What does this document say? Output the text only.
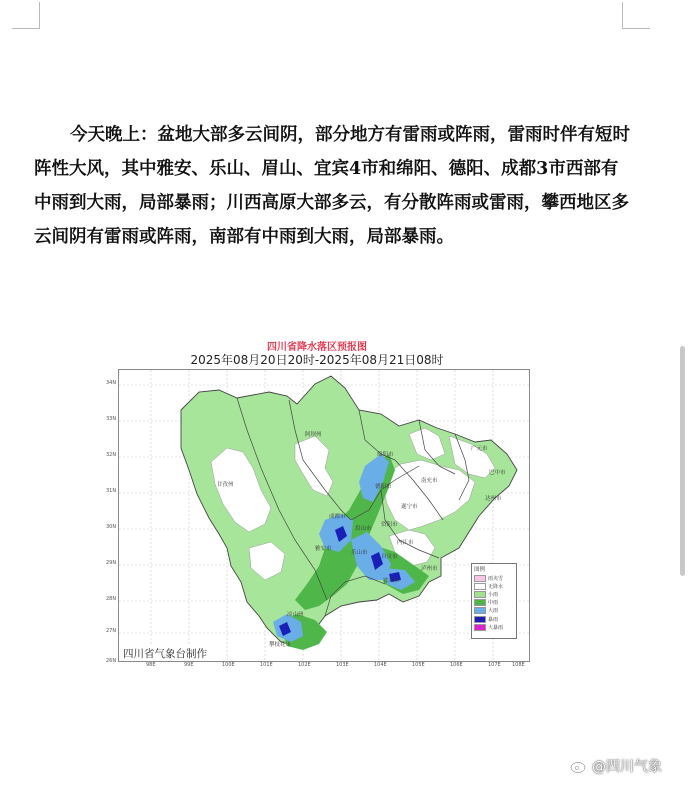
今天晚上：盆地大部多云间阴，部分地方有雷雨或阵雨，雷雨时伴有短时阵性大风，其中雅安、乐山、眉山、宜宾4市和绵阳、德阳、成都3市西部有中雨到大雨，局部暴雨；川西高原大部多云，有分散阵雨或雷雨，攀西地区多云间阴有雷雨或阵雨，南部有中雨到大雨，局部暴雨。

四川省降水落区预报图
2025年08月20日20时-2025年08月21日08时
34N
33N
32N
31N
30N
29N
28N
27N
26N
阿坝州
甘孜州
绵阳市
德阳市
成都市
雅安市
乐山市
眉山市
宜宾市
凉山州
广元市
巴中市
达州市
南充市
遂宁市
资阳市
内江市
自贡市
泸州市
攀枝花市
98E	99E	100E	101E	102E	103E	104E	105E	106E	107E 108E
四川省气象台制作
图例
雨夹雪
无降水
小雨
中雨
大雨
暴雨
大暴雨
@四川气象
